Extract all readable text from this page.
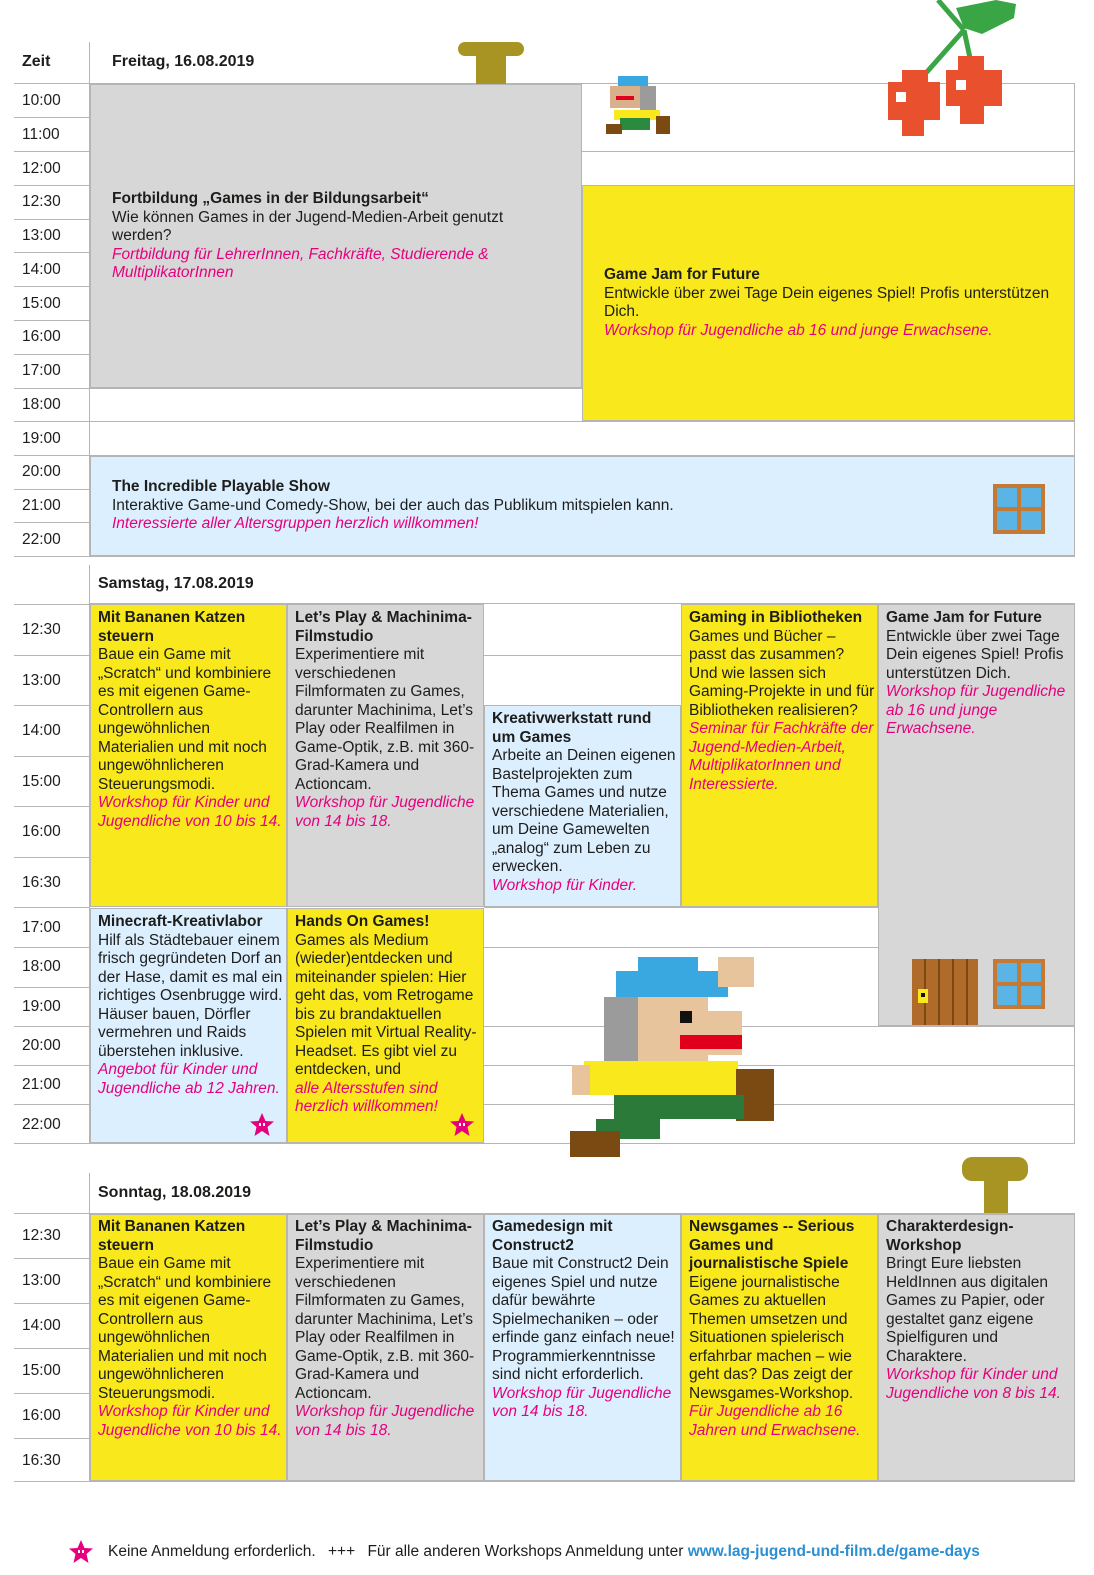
Zeit	Freitag, 16.08.2019
10:00
11:00
12:00
12:30
13:00
14:00
15:00
16:00
17:00
18:00
19:00
20:00
21:00
22:00
Fortbildung „Games in der Bildungsarbeit“
Wie können Games in der Jugend-Medien-Arbeit genutzt werden?
Fortbildung für LehrerInnen, Fachkräfte, Studierende & MultiplikatorInnen	Game Jam for Future
Entwickle über zwei Tage Dein eigenes Spiel! Profis unterstützen Dich.
Workshop für Jugendliche ab 16 und junge Erwachsene.
The Incredible Playable Show
Interaktive Game-und Comedy-Show, bei der auch das Publikum mitspielen kann.
Interessierte aller Altersgruppen herzlich willkommen!
Samstag, 17.08.2019
12:30
13:00
14:00
15:00
16:00
16:30
17:00
18:00
19:00
20:00
21:00
22:00
Mit Bananen Katzen steuern
Baue ein Game mit „Scratch“ und kombiniere es mit eigenen Game-Controllern aus ungewöhnlichen Materialien und mit noch ungewöhnlicheren Steuerungsmodi.
Workshop für Kinder und Jugendliche von 10 bis 14.
Let’s Play & Machinima-Filmstudio
Experimentiere mit verschiedenen Filmformaten zu Games, darunter Machinima, Let’s Play oder Realfilmen in Game-Optik, z.B. mit 360-Grad-Kamera und Actioncam.
Workshop für Jugendliche von 14 bis 18.
Kreativwerkstatt rund um Games
Arbeite an Deinen eigenen Bastelprojekten zum Thema Games und nutze verschiedene Materialien, um Deine Gamewelten „analog“ zum Leben zu erwecken.
Workshop für Kinder.
Gaming in Bibliotheken
Games und Bücher – passt das zusammen? Und wie lassen sich Gaming-Projekte in und für Bibliotheken realisieren?
Seminar für Fachkräfte der Jugend-Medien-Arbeit, MultiplikatorInnen und Interessierte.
Game Jam for Future
Entwickle über zwei Tage Dein eigenes Spiel! Profis unterstützen Dich.
Workshop für Jugendliche ab 16 und junge Erwachsene.
Minecraft-Kreativlabor
Hilf als Städtebauer einem frisch gegründeten Dorf an der Hase, damit es mal ein richtiges Osenbrugge wird. Häuser bauen, Dörfler vermehren und Raids überstehen inklusive.
Angebot für Kinder und Jugendliche ab 12 Jahren.
Hands On Games!
Games als Medium (wieder)entdecken und miteinander spielen: Hier geht das, vom Retrogame bis zu brandaktuellen Spielen mit Virtual Reality-Headset. Es gibt viel zu entdecken, und
alle Altersstufen sind herzlich willkommen!
Sonntag, 18.08.2019
12:30
13:00
14:00
15:00
16:00
16:30
Mit Bananen Katzen steuern
Baue ein Game mit „Scratch“ und kombiniere es mit eigenen Game-Controllern aus ungewöhnlichen Materialien und mit noch ungewöhnlicheren Steuerungsmodi.
Workshop für Kinder und Jugendliche von 10 bis 14.
Let’s Play & Machinima-Filmstudio
Experimentiere mit verschiedenen Filmformaten zu Games, darunter Machinima, Let’s Play oder Realfilmen in Game-Optik, z.B. mit 360-Grad-Kamera und Actioncam.
Workshop für Jugendliche von 14 bis 18.
Gamedesign mit Construct2
Baue mit Construct2 Dein eigenes Spiel und nutze dafür bewährte Spielmechaniken – oder erfinde ganz einfach neue! Programmierkenntnisse sind nicht erforderlich.
Workshop für Jugendliche von 14 bis 18.
Newsgames -- Serious Games und journalistische Spiele
Eigene journalistische Games zu aktuellen Themen umsetzen und Situationen spielerisch erfahrbar machen – wie geht das? Das zeigt der Newsgames-Workshop.
Für Jugendliche ab 16 Jahren und Erwachsene.
Charakterdesign-Workshop
Bringt Eure liebsten HeldInnen aus digitalen Games zu Papier, oder gestaltet ganz eigene Spielfiguren und Charaktere.
Workshop für Kinder und Jugendliche von 8 bis 14.
Keine Anmeldung erforderlich. +++ Für alle anderen Workshops Anmeldung unter www.lag-jugend-und-film.de/game-days
